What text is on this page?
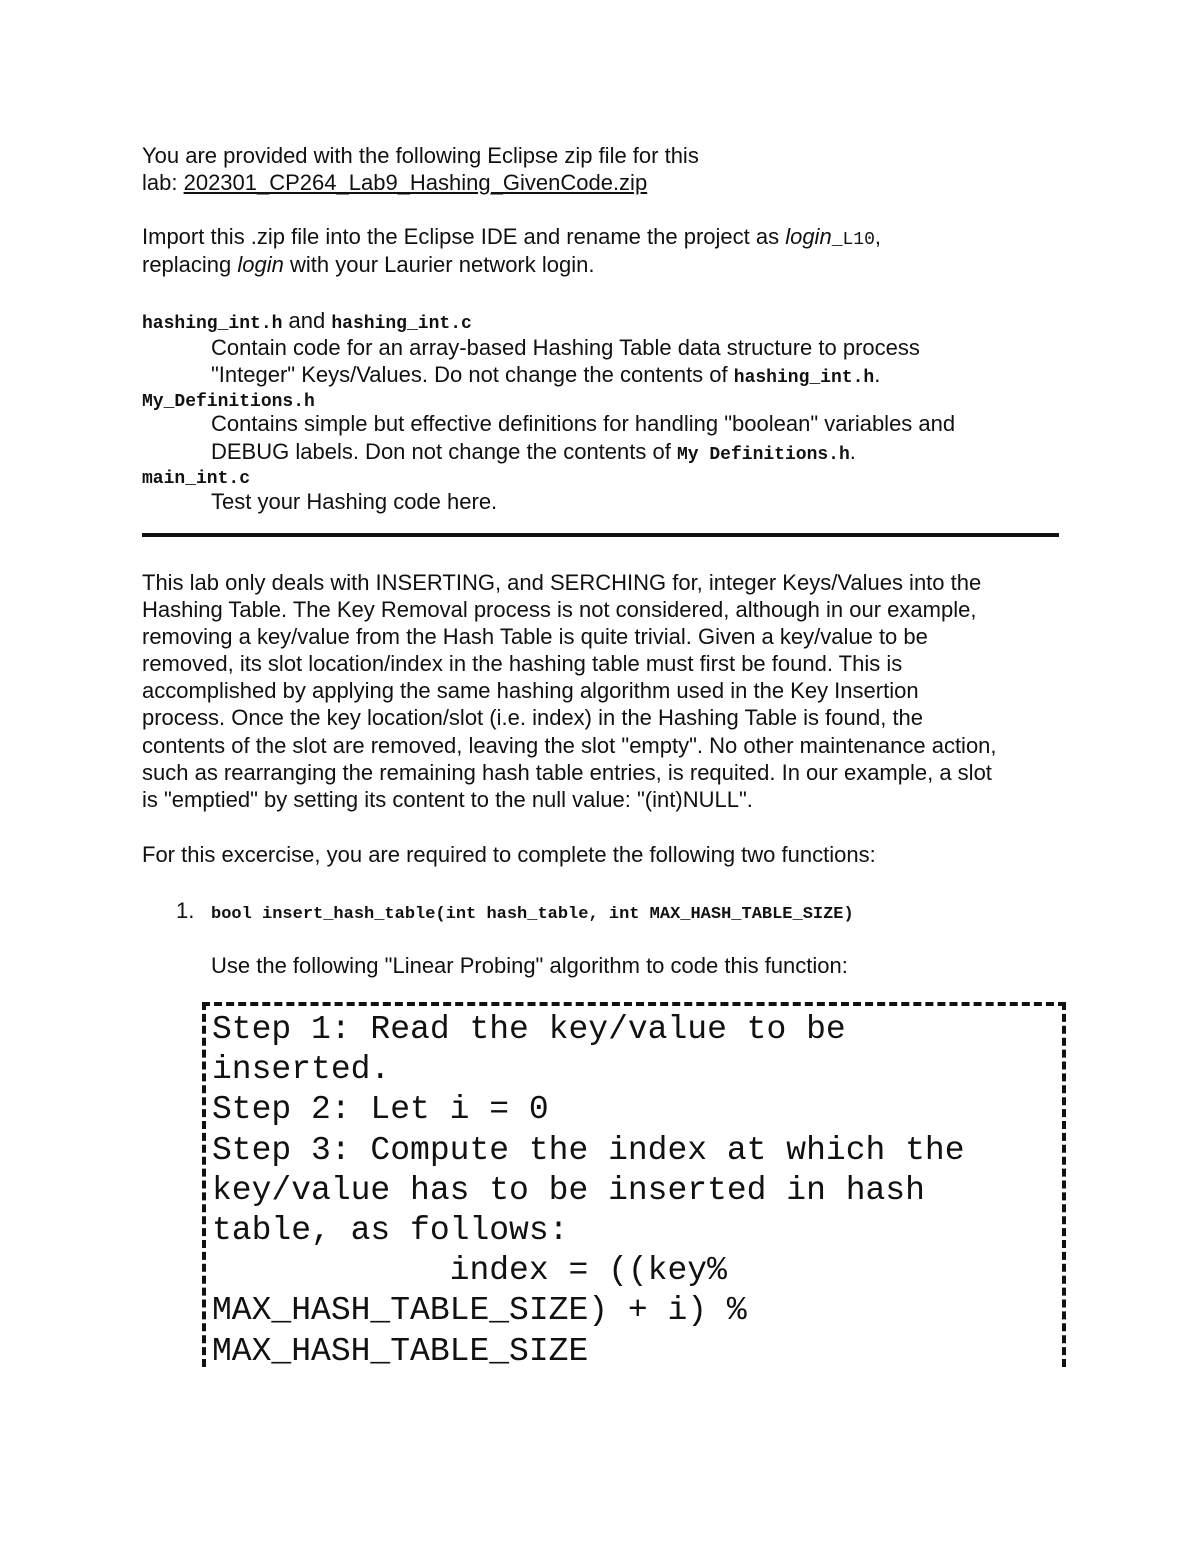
You are provided with the following Eclipse zip file for this
lab: 202301_CP264_Lab9_Hashing_GivenCode.zip
Import this .zip file into the Eclipse IDE and rename the project as login_L10,
replacing login with your Laurier network login.
hashing_int.h and hashing_int.c
Contain code for an array-based Hashing Table data structure to process
"Integer" Keys/Values. Do not change the contents of hashing_int.h.
My_Definitions.h
Contains simple but effective definitions for handling "boolean" variables and
DEBUG labels. Don not change the contents of My Definitions.h.
main_int.c
Test your Hashing code here.
This lab only deals with INSERTING, and SERCHING for, integer Keys/Values into the
Hashing Table. The Key Removal process is not considered, although in our example,
removing a key/value from the Hash Table is quite trivial. Given a key/value to be
removed, its slot location/index in the hashing table must first be found. This is
accomplished by applying the same hashing algorithm used in the Key Insertion
process. Once the key location/slot (i.e. index) in the Hashing Table is found, the
contents of the slot are removed, leaving the slot "empty". No other maintenance action,
such as rearranging the remaining hash table entries, is requited. In our example, a slot
is "emptied" by setting its content to the null value: "(int)NULL".
For this excercise, you are required to complete the following two functions:
1. bool insert_hash_table(int hash_table, int MAX_HASH_TABLE_SIZE)
Use the following "Linear Probing" algorithm to code this function:
Step 1: Read the key/value to be
inserted.
Step 2: Let i = 0
Step 3: Compute the index at which the
key/value has to be inserted in hash
table, as follows:
index = ((key%
MAX_HASH_TABLE_SIZE) + i) %
MAX_HASH_TABLE_SIZE
